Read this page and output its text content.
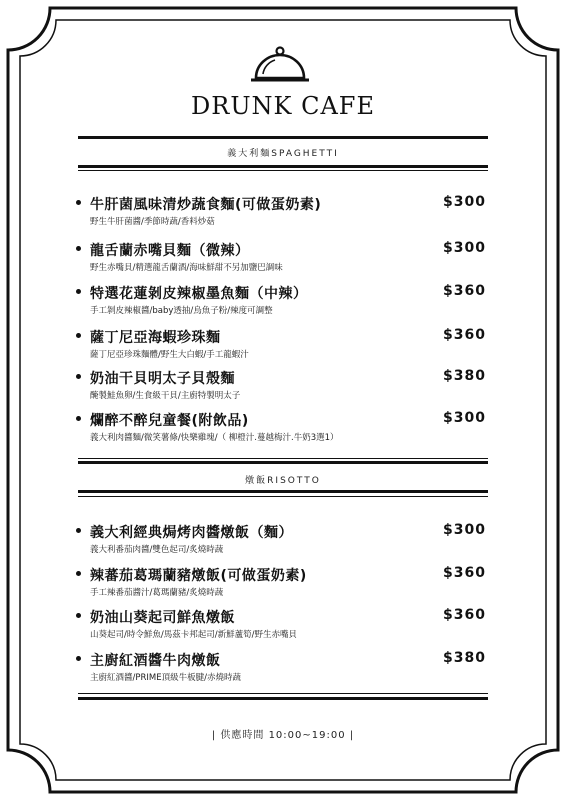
DRUNK CAFE
義大利麵SPAGHETTI
牛肝菌風味清炒蔬食麵(可做蛋奶素)	$300
野生牛肝菌醬/季節時蔬/香料炒菇
龍舌蘭赤嘴貝麵（微辣）	$300
野生赤嘴貝/精選龍舌蘭酒/海味鮮甜不另加鹽巴調味
特選花蓮剝皮辣椒墨魚麵（中辣）	$360
手工剝皮辣椒醬/baby透抽/烏魚子粉/辣度可調整
薩丁尼亞海蝦珍珠麵	$360
薩丁尼亞珍珠麵體/野生大白蝦/手工龍蝦汁
奶油干貝明太子貝殼麵	$380
醃製鮭魚卵/生食級干貝/主廚特製明太子
爛醉不醉兒童餐(附飲品)	$300
義大利肉醬麵/微笑薯條/快樂雞塊/（ 柳橙汁.蔓越梅汁.牛奶3選1）
燉飯RISOTTO
義大利經典焗烤肉醬燉飯（麵）	$300
義大利番茄肉醬/雙色起司/炙燒時蔬
辣蕃茄葛瑪蘭豬燉飯(可做蛋奶素)	$360
手工辣番茄醬汁/葛瑪蘭豬/炙燒時蔬
奶油山葵起司鮮魚燉飯	$360
山葵起司/時令鮮魚/馬茲卡邦起司/新鮮蘆筍/野生赤嘴貝
主廚紅酒醬牛肉燉飯	$380
主廚紅酒醬/PRIME頂級牛板腱/赤燒時蔬
| 供應時間 10:00~19:00 |
